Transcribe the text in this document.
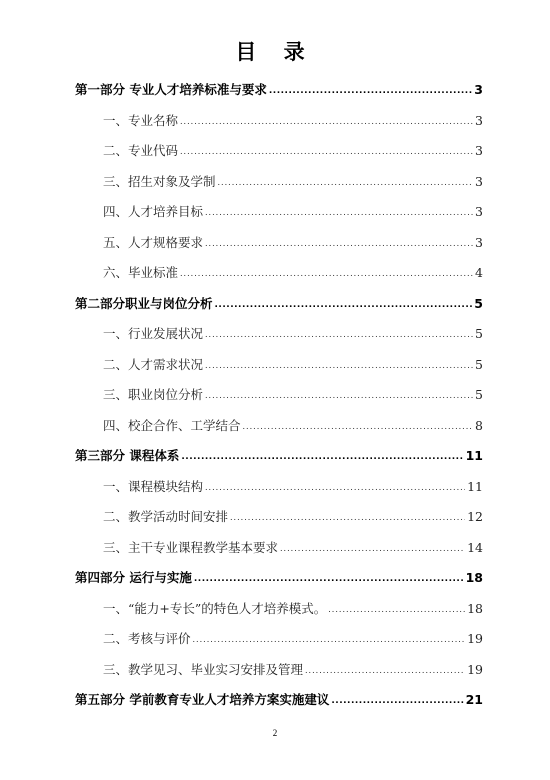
目 录
第一部分 专业人才培养标准与要求 .....	3
一、专业名称 .....	3
二、专业代码 .....	3
三、招生对象及学制 .....	3
四、人才培养目标 .....	3
五、人才规格要求 .....	3
六、毕业标准 .....	4
第二部分职业与岗位分析 .....	5
一、行业发展状况 .....	5
二、人才需求状况 .....	5
三、职业岗位分析 .....	5
四、校企合作、工学结合 .....	8
第三部分 课程体系 .....	11
一、课程模块结构 .....	11
二、教学活动时间安排 .....	12
三、主干专业课程教学基本要求 .....	14
第四部分 运行与实施 .....	18
一、“能力+专长”的特色人才培养模式。 .....	18
二、考核与评价 .....	19
三、教学见习、毕业实习安排及管理 .....	19
第五部分 学前教育专业人才培养方案实施建议 .....	21
2
